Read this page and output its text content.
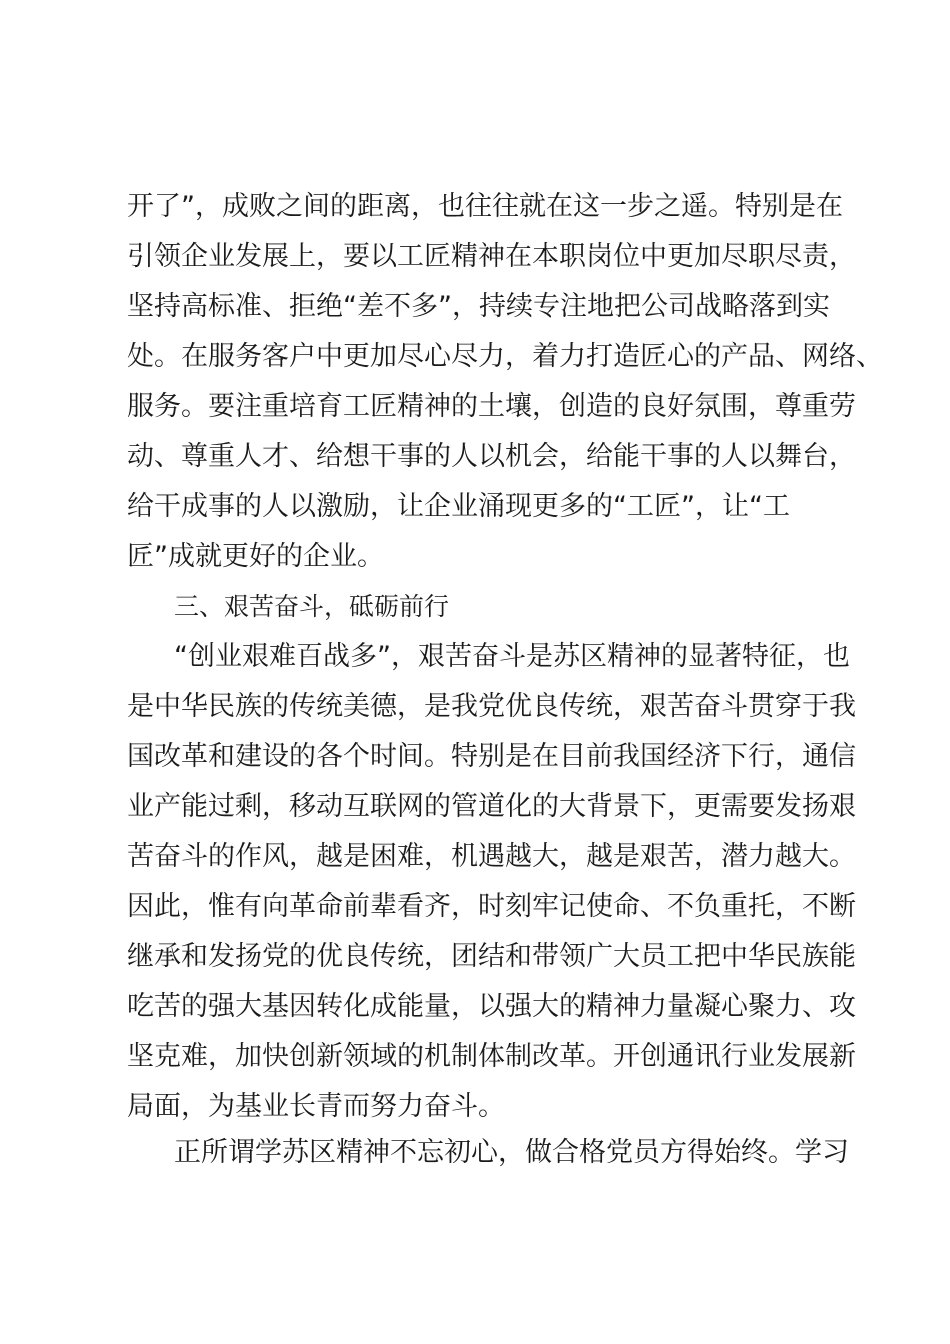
开了”，成败之间的距离，也往往就在这一步之遥。特别是在
引领企业发展上，要以工匠精神在本职岗位中更加尽职尽责，
坚持高标准、拒绝“差不多”，持续专注地把公司战略落到实
处。在服务客户中更加尽心尽力，着力打造匠心的产品、网络、
服务。要注重培育工匠精神的土壤，创造的良好氛围，尊重劳
动、尊重人才、给想干事的人以机会，给能干事的人以舞台，
给干成事的人以激励，让企业涌现更多的“工匠”，让“工
匠”成就更好的企业。
三、艰苦奋斗，砥砺前行
“创业艰难百战多”，艰苦奋斗是苏区精神的显著特征，也
是中华民族的传统美德，是我党优良传统，艰苦奋斗贯穿于我
国改革和建设的各个时间。特别是在目前我国经济下行，通信
业产能过剩，移动互联网的管道化的大背景下，更需要发扬艰
苦奋斗的作风，越是困难，机遇越大，越是艰苦，潜力越大。
因此，惟有向革命前辈看齐，时刻牢记使命、不负重托，不断
继承和发扬党的优良传统，团结和带领广大员工把中华民族能
吃苦的强大基因转化成能量，以强大的精神力量凝心聚力、攻
坚克难，加快创新领域的机制体制改革。开创通讯行业发展新
局面，为基业长青而努力奋斗。
正所谓学苏区精神不忘初心，做合格党员方得始终。学习
